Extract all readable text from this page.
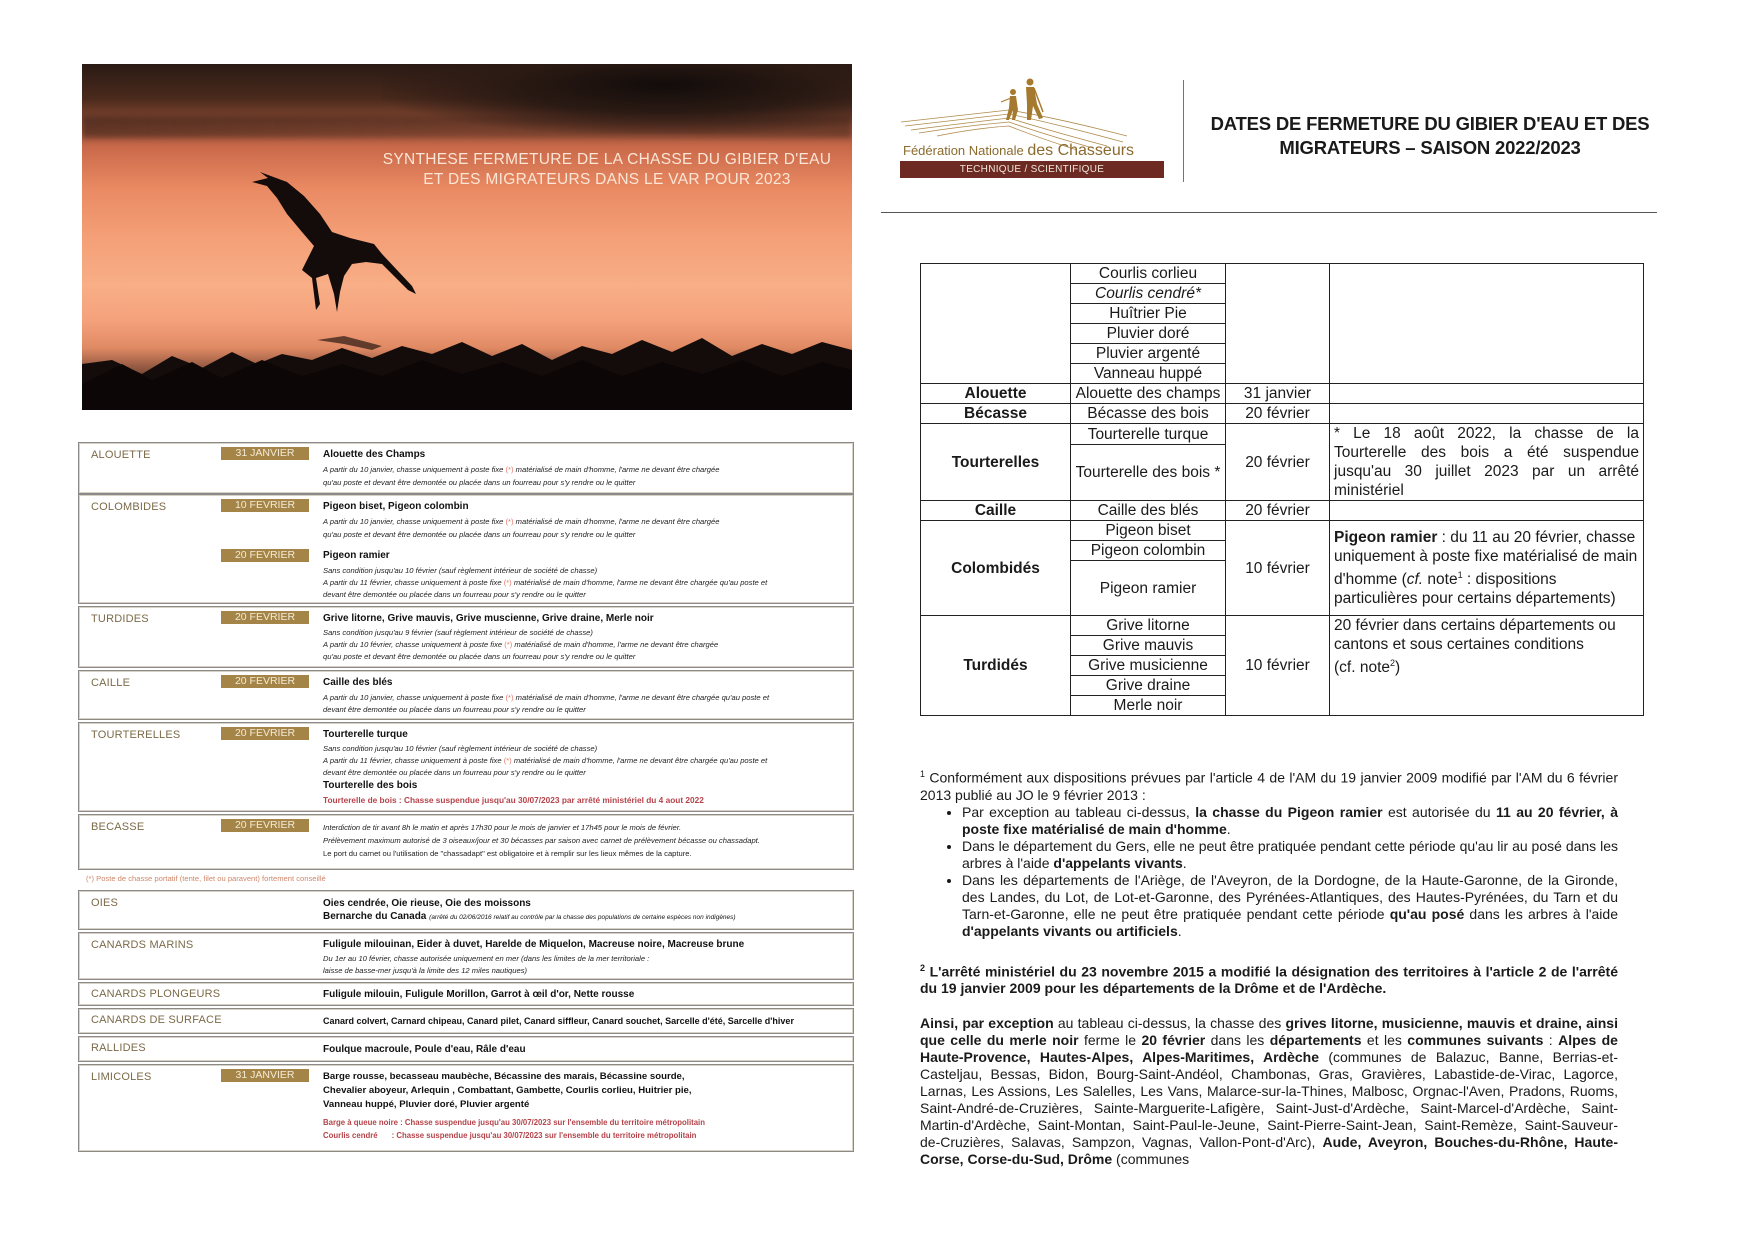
SYNTHESE FERMETURE DE LA CHASSE DU GIBIER D'EAU
ET DES MIGRATEURS DANS LE VAR POUR 2023
ALOUETTE	31 JANVIER	Alouette des Champs
A partir du 10 janvier, chasse uniquement à poste fixe (*) matérialisé de main d'homme, l'arme ne devant être chargée
qu'au poste et devant être demontée ou placée dans un fourreau pour s'y rendre ou le quitter
COLOMBIDES	10 FEVRIER	Pigeon biset, Pigeon colombin
A partir du 10 janvier, chasse uniquement à poste fixe (*) matérialisé de main d'homme, l'arme ne devant être chargée
qu'au poste et devant être demontée ou placée dans un fourreau pour s'y rendre ou le quitter
20 FEVRIER	Pigeon ramier
Sans condition jusqu'au 10 février (sauf règlement intérieur de société de chasse)
A partir du 11 février, chasse uniquement à poste fixe (*) matérialisé de main d'homme, l'arme ne devant être chargée qu'au poste et
devant être demontée ou placée dans un fourreau pour s'y rendre ou le quitter
TURDIDES	20 FEVRIER	Grive litorne, Grive mauvis, Grive muscienne, Grive draine, Merle noir
Sans condition jusqu'au 9 février (sauf règlement intérieur de société de chasse)
A partir du 10 février, chasse uniquement à poste fixe (*) matérialisé de main d'homme, l'arme ne devant être chargée
qu'au poste et devant être demontée ou placée dans un fourreau pour s'y rendre ou le quitter
CAILLE	20 FEVRIER	Caille des blés
A partir du 10 janvier, chasse uniquement à poste fixe (*) matérialisé de main d'homme, l'arme ne devant être chargée qu'au poste et
devant être demontée ou placée dans un fourreau pour s'y rendre ou le quitter
TOURTERELLES	20 FEVRIER	Tourterelle turque
Sans condition jusqu'au 10 février (sauf règlement intérieur de société de chasse)
A partir du 11 février, chasse uniquement à poste fixe (*) matérialisé de main d'homme, l'arme ne devant être chargée qu'au poste et
devant être demontée ou placée dans un fourreau pour s'y rendre ou le quitter
Tourterelle des bois
Tourterelle de bois : Chasse suspendue jusqu'au 30/07/2023 par arrêté ministériel du 4 aout 2022
BECASSE	20 FEVRIER	Interdiction de tir avant 8h le matin et après 17h30 pour le mois de janvier et 17h45 pour le mois de février.
Prélèvement maximum autorisé de 3 oiseaux/jour et 30 bécasses par saison avec carnet de prélèvement bécasse ou chassadapt.
Le port du carnet ou l'utilisation de "chassadapt" est obligatoire et à remplir sur les lieux mêmes de la capture.
(*) Poste de chasse portatif (tente, filet ou paravent) fortement conseillé
OIES	Oies cendrée, Oie rieuse, Oie des moissons
Bernarche du Canada (arrêté du 02/06/2016 relatif au contrôle par la chasse des populations de certaine espèces non indigènes)
CANARDS MARINS	Fuligule milouinan, Eider à duvet, Harelde de Miquelon, Macreuse noire, Macreuse brune
Du 1er au 10 février, chasse autorisée uniquement en mer (dans les limites de la mer territoriale :
laisse de basse-mer jusqu'à la limite des 12 miles nautiques)
CANARDS PLONGEURS	Fuligule milouin, Fuligule Morillon, Garrot à œil d'or, Nette rousse
CANARDS DE SURFACE	Canard colvert, Carnard chipeau, Canard pilet, Canard siffleur, Canard souchet, Sarcelle d'été, Sarcelle d'hiver
RALLIDES	Foulque macroule, Poule d'eau, Râle d'eau
LIMICOLES	31 JANVIER	Barge rousse, becasseau maubèche, Bécassine des marais, Bécassine sourde,
Chevalier aboyeur, Arlequin , Combattant, Gambette, Courlis corlieu, Huitrier pie,
Vanneau huppé, Pluvier doré, Pluvier argenté
Barge à queue noire : Chasse suspendue jusqu'au 30/07/2023 sur l'ensemble du territoire métropolitain
Courlis cendré : Chasse suspendue jusqu'au 30/07/2023 sur l'ensemble du territoire métropolitain
Fédération Nationale des Chasseurs
TECHNIQUE / SCIENTIFIQUE
DATES DE FERMETURE DU GIBIER D'EAU ET DES
MIGRATEURS – SAISON 2022/2023
	Courlis corlieu		
	Courlis cendré*		
	Huîtrier Pie		
	Pluvier doré		
	Pluvier argenté		
	Vanneau huppé		
Alouette	Alouette des champs	31 janvier	
Bécasse	Bécasse des bois	20 février	
Tourterelles	Tourterelle turque	20 février	* Le 18 août 2022, la chasse de la Tourterelle des bois a été suspendue jusqu'au 30 juillet 2023 par un arrêté ministériel
	Tourterelle des bois *		
Caille	Caille des blés	20 février	
Colombidés	Pigeon biset	10 février	Pigeon ramier : du 11 au 20 février, chasse uniquement à poste fixe matérialisé de main d'homme (cf. note$^1$ : dispositions particulières pour certains départements)
	Pigeon colombin		
	Pigeon ramier		
Turdidés	Grive litorne	10 février	20 février dans certains départements ou cantons et sous certaines conditions
(cf. note$^2$)
	Grive mauvis		
	Grive musicienne		
	Grive draine		
	Merle noir		

$^1$ Conformément aux dispositions prévues par l'article 4 de l'AM du 19 janvier 2009 modifié par l'AM du 6 février 2013 publié au JO le 9 février 2013 :

• Par exception au tableau ci-dessus, la chasse du Pigeon ramier est autorisée du 11 au 20 février, à poste fixe matérialisé de main d'homme.
• Dans le département du Gers, elle ne peut être pratiquée pendant cette période qu'au lir au posé dans les arbres à l'aide d'appelants vivants.
• Dans les départements de l'Ariège, de l'Aveyron, de la Dordogne, de la Haute-Garonne, de la Gironde, des Landes, du Lot, de Lot-et-Garonne, des Pyrénées-Atlantiques, des Hautes-Pyrénées, du Tarn et du Tarn-et-Garonne, elle ne peut être pratiquée pendant cette période qu'au posé dans les arbres à l'aide d'appelants vivants ou artificiels.

$^2$ L'arrêté ministériel du 23 novembre 2015 a modifié la désignation des territoires à l'article 2 de l'arrêté du 19 janvier 2009 pour les départements de la Drôme et de l'Ardèche.

Ainsi, par exception au tableau ci-dessus, la chasse des grives litorne, musicienne, mauvis et draine, ainsi que celle du merle noir ferme le 20 février dans les départements et les communes suivants : Alpes de Haute-Provence, Hautes-Alpes, Alpes-Maritimes, Ardèche (communes de Balazuc, Banne, Berrias-et-Casteljau, Bessas, Bidon, Bourg-Saint-Andéol, Chambonas, Gras, Gravières, Labastide-de-Virac, Lagorce, Larnas, Les Assions, Les Salelles, Les Vans, Malarce-sur-la-Thines, Malbosc, Orgnac-l'Aven, Pradons, Ruoms, Saint-André-de-Cruzières, Sainte-Marguerite-Lafigère, Saint-Just-d'Ardèche, Saint-Marcel-d'Ardèche, Saint-Martin-d'Ardèche, Saint-Montan, Saint-Paul-le-Jeune, Saint-Pierre-Saint-Jean, Saint-Remèze, Saint-Sauveur-de-Cruzières, Salavas, Sampzon, Vagnas, Vallon-Pont-d'Arc), Aude, Aveyron, Bouches-du-Rhône, Haute-Corse, Corse-du-Sud, Drôme (communes
